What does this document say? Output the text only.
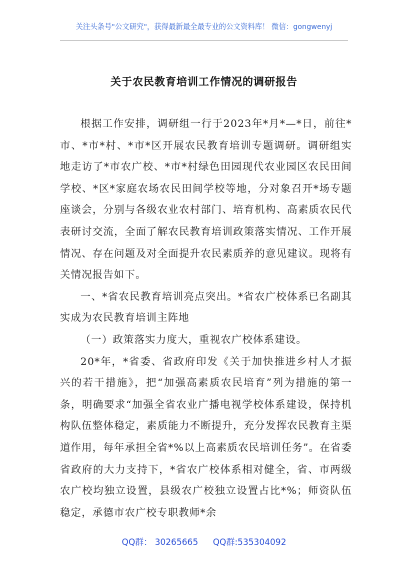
关注头条号"公文研究"，获得最新最全最专业的公文资料库！ 微信：gongwenyj
关于农民教育培训工作情况的调研报告

根据工作安排，调研组一行于2023年*月*—*日，前往*市、*市*村、*市*区开展农民教育培训专题调研。调研组实地走访了*市农广校、*市*村绿色田园现代农业园区农民田间学校、*区*家庭农场农民田间学校等地，分对象召开*场专题座谈会，分别与各级农业农村部门、培育机构、高素质农民代表研讨交流，全面了解农民教育培训政策落实情况、工作开展情况、存在问题及对全面提升农民素质养的意见建议。现将有关情况报告如下。

一、*省农民教育培训亮点突出。*省农广校体系已名副其实成为农民教育培训主阵地

（一）政策落实力度大，重视农广校体系建设。

20*年，*省委、省政府印发《关于加快推进乡村人才振兴的若干措施》，把“加强高素质农民培育”列为措施的第一条，明确要求“加强全省农业广播电视学校体系建设，保持机构队伍整体稳定，素质能力不断提升，充分发挥农民教育主渠道作用，每年承担全省*%以上高素质农民培训任务”。在省委省政府的大力支持下，*省农广校体系相对健全，省、市两级农广校均独立设置，县级农广校独立设置占比*%；师资队伍稳定，承德市农广校专职教师*余

QQ群： 30265665 QQ群:535304092
